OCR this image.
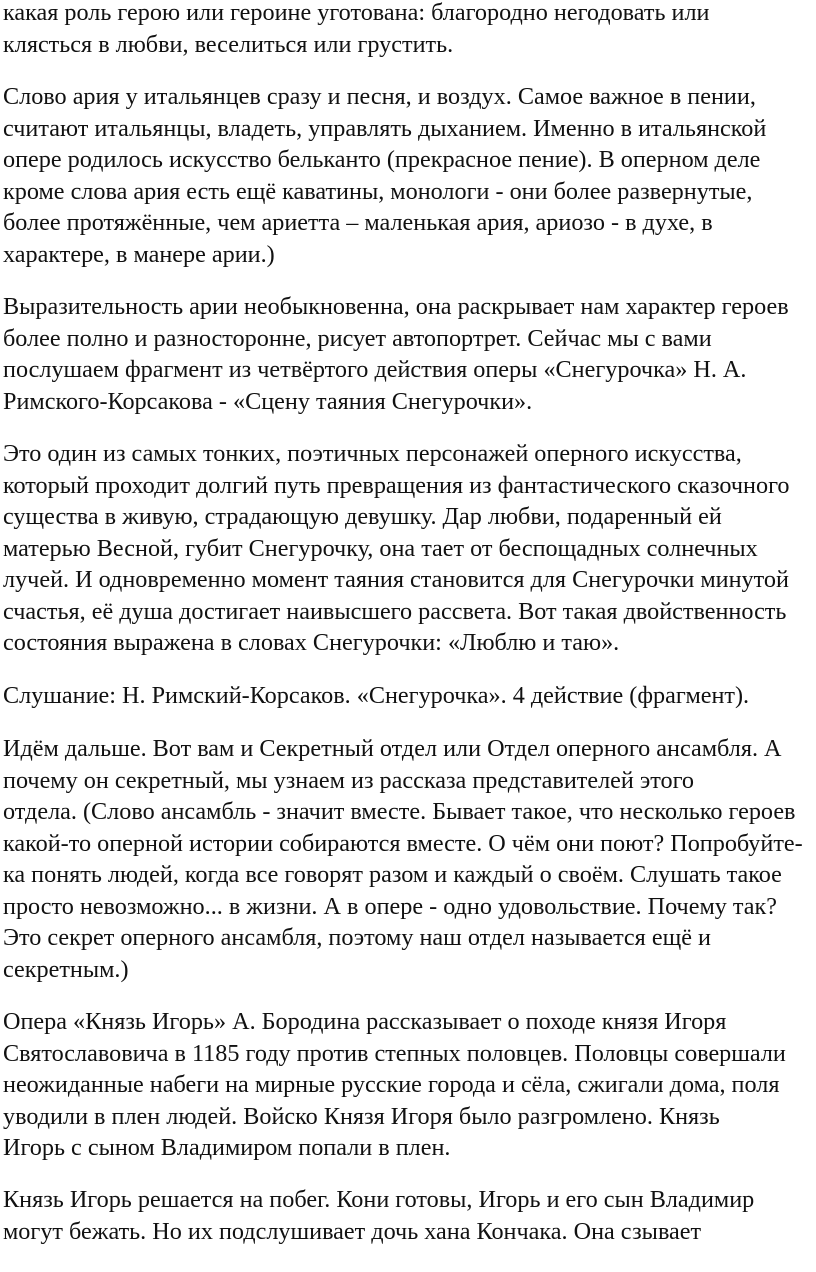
какая роль герою или героине уготована: благородно негодовать или
клясться в любви, веселиться или грустить.

Слово ария у итальянцев сразу и песня, и воздух. Самое важное в пении,
считают итальянцы, владеть, управлять дыханием. Именно в итальянской
опере родилось искусство бельканто (прекрасное пение). В оперном деле
кроме слова ария есть ещё каватины, монологи - они более развернутые,
более протяжённые, чем ариетта – маленькая ария, ариозо - в духе, в
характере, в манере арии.)

Выразительность арии необыкновенна, она раскрывает нам характер героев
более полно и разносторонне, рисует автопортрет. Сейчас мы с вами
послушаем фрагмент из четвёртого действия оперы «Снегурочка» Н. А.
Римского-Корсакова - «Сцену таяния Снегурочки».

Это один из самых тонких, поэтичных персонажей оперного искусства,
который проходит долгий путь превращения из фантастического сказочного
существа в живую, страдающую девушку. Дар любви, подаренный ей
матерью Весной, губит Снегурочку, она тает от беспощадных солнечных
лучей. И одновременно момент таяния становится для Снегурочки минутой
счастья, её душа достигает наивысшего рассвета. Вот такая двойственность
состояния выражена в словах Снегурочки: «Люблю и таю».

Слушание: Н. Римский-Корсаков. «Снегурочка». 4 действие (фрагмент).

Идём дальше. Вот вам и Секретный отдел или Отдел оперного ансамбля. А
почему он секретный, мы узнаем из рассказа представителей этого
отдела. (Слово ансамбль - значит вместе. Бывает такое, что несколько героев
какой-то оперной истории собираются вместе. О чём они поют? Попробуйте-
ка понять людей, когда все говорят разом и каждый о своём. Слушать такое
просто невозможно... в жизни. А в опере - одно удовольствие. Почему так?
Это секрет оперного ансамбля, поэтому наш отдел называется ещё и
секретным.)

Опера «Князь Игорь» А. Бородина рассказывает о походе князя Игоря
Святославовича в 1185 году против степных половцев. Половцы совершали
неожиданные набеги на мирные русские города и сёла, сжигали дома, поля
уводили в плен людей. Войско Князя Игоря было разгромлено. Князь
Игорь с сыном Владимиром попали в плен.

Князь Игорь решается на побег. Кони готовы, Игорь и его сын Владимир
могут бежать. Но их подслушивает дочь хана Кончака. Она сзывает
